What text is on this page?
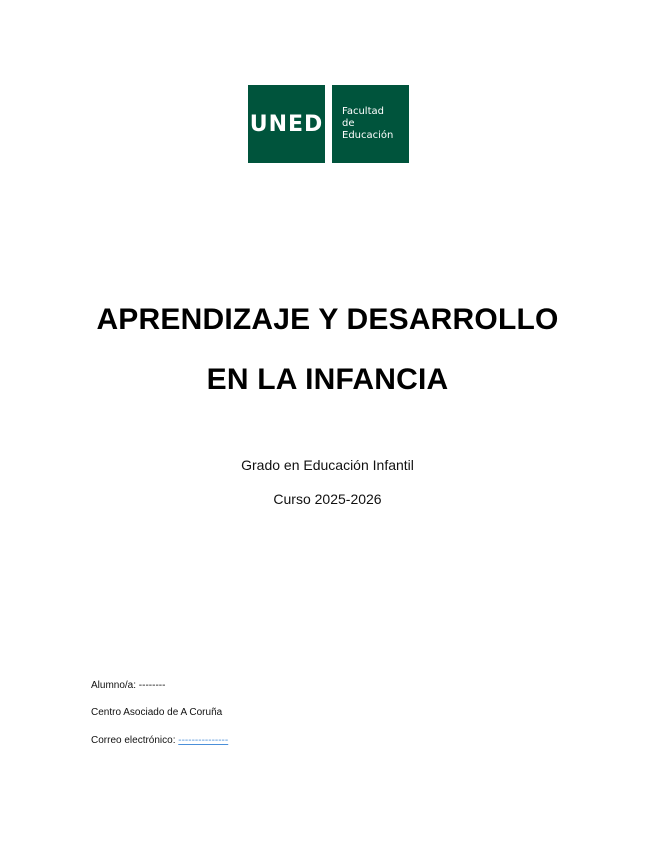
UNED Facultad
de Educación
APRENDIZAJE Y DESARROLLO
EN LA INFANCIA
Grado en Educación Infantil
Curso 2025-2026
Alumno/a: --------
Centro Asociado de A Coruña
Correo electrónico: ---------------
